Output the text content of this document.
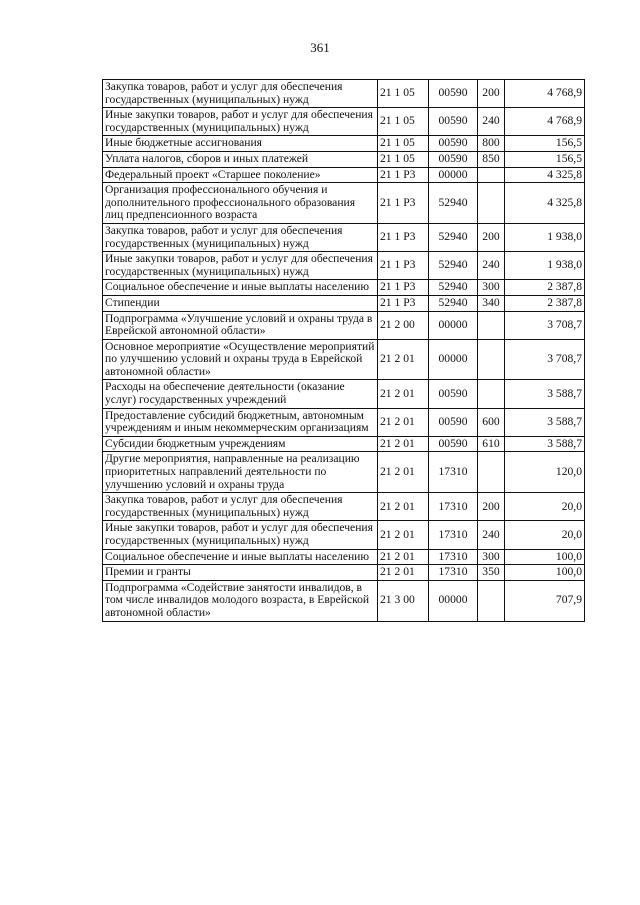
361
Закупка товаров, работ и услуг для обеспечения государственных (муниципальных) нужд	21 1 05	00590	200	4 768,9
Иные закупки товаров, работ и услуг для обеспечения государственных (муниципальных) нужд	21 1 05	00590	240	4 768,9
Иные бюджетные ассигнования	21 1 05	00590	800	156,5
Уплата налогов, сборов и иных платежей	21 1 05	00590	850	156,5
Федеральный проект «Старшее поколение»	21 1 P3	00000		4 325,8
Организация профессионального обучения и дополнительного профессионального образования лиц предпенсионного возраста	21 1 P3	52940		4 325,8
Закупка товаров, работ и услуг для обеспечения государственных (муниципальных) нужд	21 1 P3	52940	200	1 938,0
Иные закупки товаров, работ и услуг для обеспечения государственных (муниципальных) нужд	21 1 P3	52940	240	1 938,0
Социальное обеспечение и иные выплаты населению	21 1 P3	52940	300	2 387,8
Стипендии	21 1 P3	52940	340	2 387,8
Подпрограмма «Улучшение условий и охраны труда в Еврейской автономной области»	21 2 00	00000		3 708,7
Основное мероприятие «Осуществление мероприятий по улучшению условий и охраны труда в Еврейской автономной области»	21 2 01	00000		3 708,7
Расходы на обеспечение деятельности (оказание услуг) государственных учреждений	21 2 01	00590		3 588,7
Предоставление субсидий бюджетным, автономным учреждениям и иным некоммерческим организациям	21 2 01	00590	600	3 588,7
Субсидии бюджетным учреждениям	21 2 01	00590	610	3 588,7
Другие мероприятия, направленные на реализацию приоритетных направлений деятельности по улучшению условий и охраны труда	21 2 01	17310		120,0
Закупка товаров, работ и услуг для обеспечения государственных (муниципальных) нужд	21 2 01	17310	200	20,0
Иные закупки товаров, работ и услуг для обеспечения государственных (муниципальных) нужд	21 2 01	17310	240	20,0
Социальное обеспечение и иные выплаты населению	21 2 01	17310	300	100,0
Премии и гранты	21 2 01	17310	350	100,0
Подпрограмма «Содействие занятости инвалидов, в том числе инвалидов молодого возраста, в Еврейской автономной области»	21 3 00	00000		707,9
